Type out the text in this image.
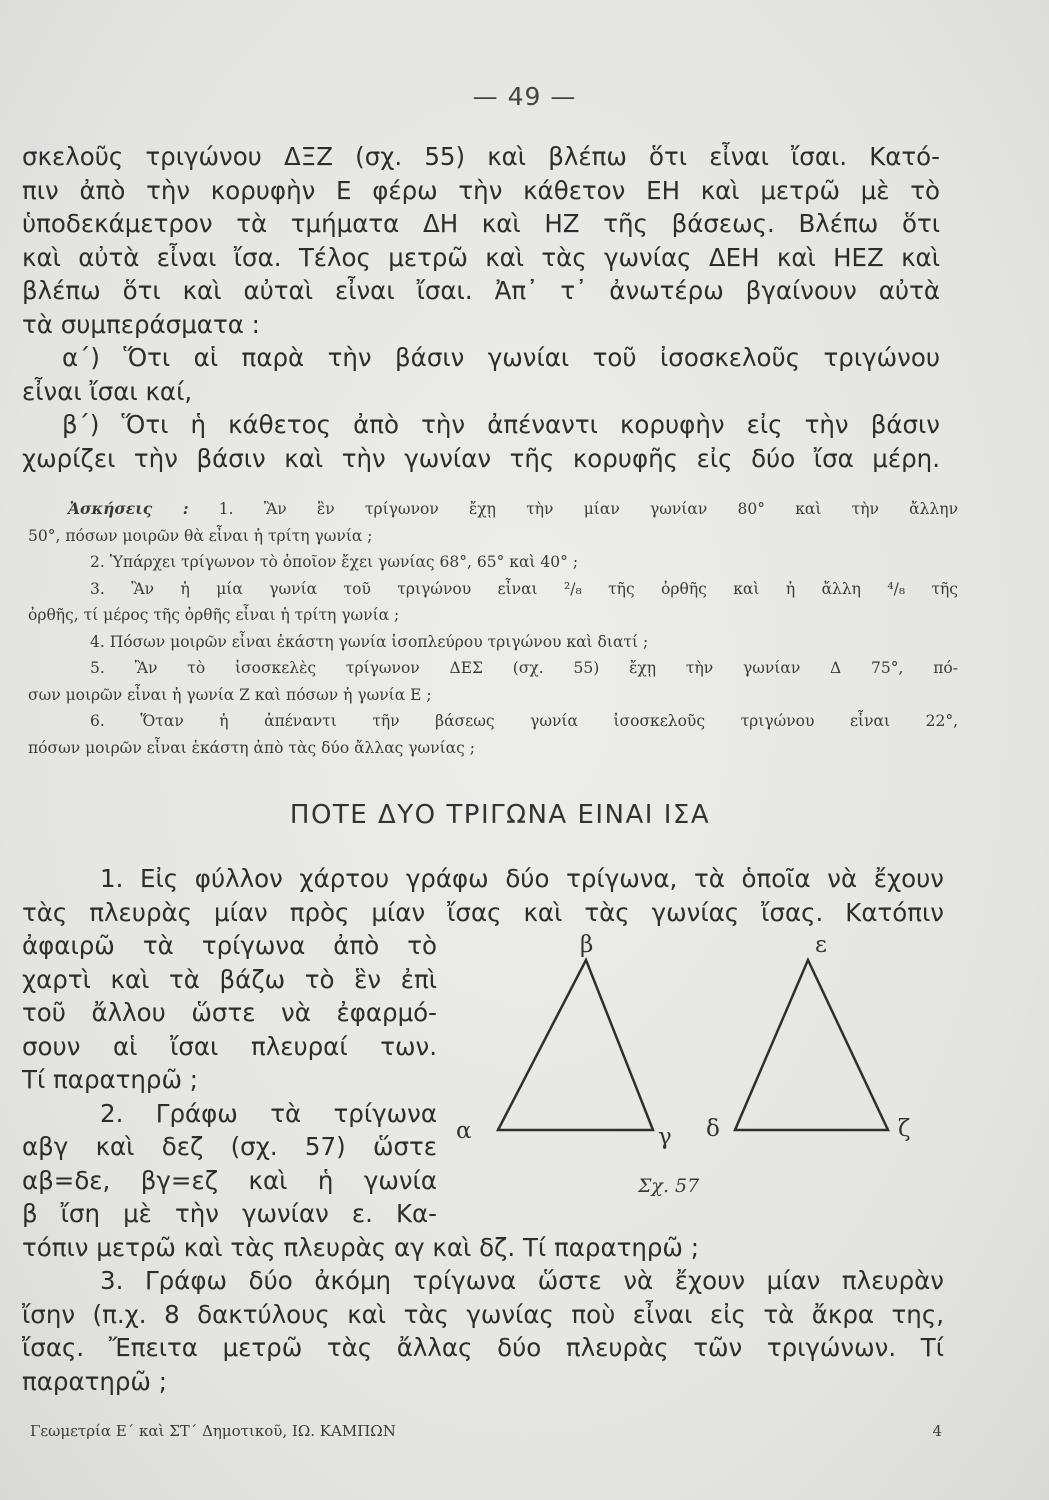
— 49 —
σκελοῦς τριγώνου ΔΞΖ (σχ. 55) καὶ βλέπω ὅτι εἶναι ἴσαι. Κατό-
πιν ἀπὸ τὴν κορυφὴν Ε φέρω τὴν κάθετον ΕΗ καὶ μετρῶ μὲ τὸ
ὑποδεκάμετρον τὰ τμήματα ΔΗ καὶ ΗΖ τῆς βάσεως. Βλέπω ὅτι
καὶ αὐτὰ εἶναι ἴσα. Τέλος μετρῶ καὶ τὰς γωνίας ΔΕΗ καὶ ΗΕΖ καὶ
βλέπω ὅτι καὶ αὐταὶ εἶναι ἴσαι. Ἀπ᾽ τ᾽ ἀνωτέρω βγαίνουν αὐτὰ
τὰ συμπεράσματα :
α΄) Ὅτι αἱ παρὰ τὴν βάσιν γωνίαι τοῦ ἰσοσκελοῦς τριγώνου
εἶναι ἴσαι καί,
β΄) Ὅτι ἡ κάθετος ἀπὸ τὴν ἀπέναντι κορυφὴν εἰς τὴν βάσιν
χωρίζει τὴν βάσιν καὶ τὴν γωνίαν τῆς κορυφῆς εἰς δύο ἴσα μέρη.
Ἀσκήσεις : 1. Ἂν ἓν τρίγωνον ἔχῃ τὴν μίαν γωνίαν 80° καὶ τὴν ἄλλην
50°, πόσων μοιρῶν θὰ εἶναι ἡ τρίτη γωνία ;
2. Ὑπάρχει τρίγωνον τὸ ὁποῖον ἔχει γωνίας 68°, 65° καὶ 40° ;
3. Ἂν ἡ μία γωνία τοῦ τριγώνου εἶναι ²/₈ τῆς ὀρθῆς καὶ ἡ ἄλλη ⁴/₈ τῆς
ὀρθῆς, τί μέρος τῆς ὀρθῆς εἶναι ἡ τρίτη γωνία ;
4. Πόσων μοιρῶν εἶναι ἑκάστη γωνία ἰσοπλεύρου τριγώνου καὶ διατί ;
5. Ἂν τὸ ἰσοσκελὲς τρίγωνον ΔΕΣ (σχ. 55) ἔχῃ τὴν γωνίαν Δ 75°, πό-
σων μοιρῶν εἶναι ἡ γωνία Ζ καὶ πόσων ἡ γωνία Ε ;
6. Ὅταν ἡ ἀπέναντι τῆν βάσεως γωνία ἰσοσκελοῦς τριγώνου εἶναι 22°,
πόσων μοιρῶν εἶναι ἑκάστη ἀπὸ τὰς δύο ἄλλας γωνίας ;
ΠΟΤΕ ΔΥΟ ΤΡΙΓΩΝΑ ΕΙΝΑΙ ΙΣΑ
1. Εἰς φύλλον χάρτου γράφω δύο τρίγωνα, τὰ ὁποῖα νὰ ἔχουν
τὰς πλευρὰς μίαν πρὸς μίαν ἴσας καὶ τὰς γωνίας ἴσας. Κατόπιν
ἀφαιρῶ τὰ τρίγωνα ἀπὸ τὸ
χαρτὶ καὶ τὰ βάζω τὸ ἓν ἐπὶ
τοῦ ἄλλου ὥστε νὰ ἐφαρμό-
σουν αἱ ἴσαι πλευραί των.
Τί παρατηρῶ ;
2. Γράφω τὰ τρίγωνα
αβγ καὶ δεζ (σχ. 57) ὥστε
αβ=δε, βγ=εζ καὶ ἡ γωνία
β ἴση μὲ τὴν γωνίαν ε. Κα-
τόπιν μετρῶ καὶ τὰς πλευρὰς αγ καὶ δζ. Τί παρατηρῶ ;
3. Γράφω δύο ἀκόμη τρίγωνα ὥστε νὰ ἔχουν μίαν πλευρὰν
ἴσην (π.χ. 8 δακτύλους καὶ τὰς γωνίας ποὺ εἶναι εἰς τὰ ἄκρα της,
ἴσας. Ἔπειτα μετρῶ τὰς ἄλλας δύο πλευρὰς τῶν τριγώνων. Τί
παρατηρῶ ;
β
α	γ
ε
δ	ζ
Σχ. 57
Γεωμετρία Ε΄ καὶ ΣΤ΄ Δημοτικοῦ, ΙΩ. ΚΑΜΠΩΝ	4
